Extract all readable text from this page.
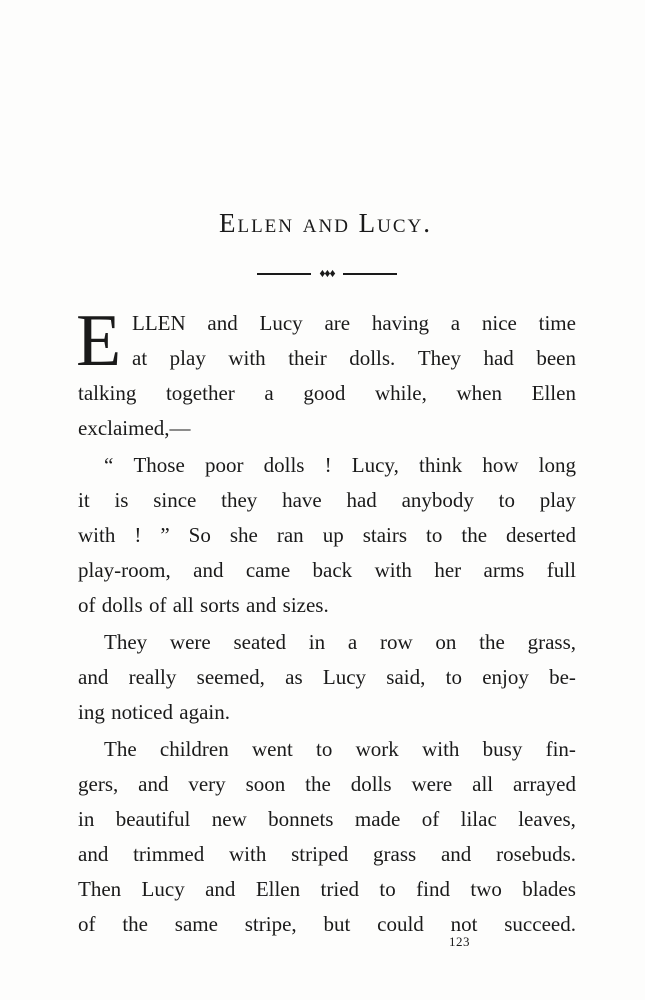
Ellen and Lucy.
♦♦♦
E LLEN and Lucy are having a nice time
at play with their dolls. They had been
talking together a good while, when Ellen
exclaimed,—
“ Those poor dolls ! Lucy, think how long
it is since they have had anybody to play
with ! ” So she ran up stairs to the deserted
play-room, and came back with her arms full
of dolls of all sorts and sizes.
They were seated in a row on the grass,
and really seemed, as Lucy said, to enjoy be-
ing noticed again.
The children went to work with busy fin-
gers, and very soon the dolls were all arrayed
in beautiful new bonnets made of lilac leaves,
and trimmed with striped grass and rosebuds.
Then Lucy and Ellen tried to find two blades
of the same stripe, but could not succeed.
123
